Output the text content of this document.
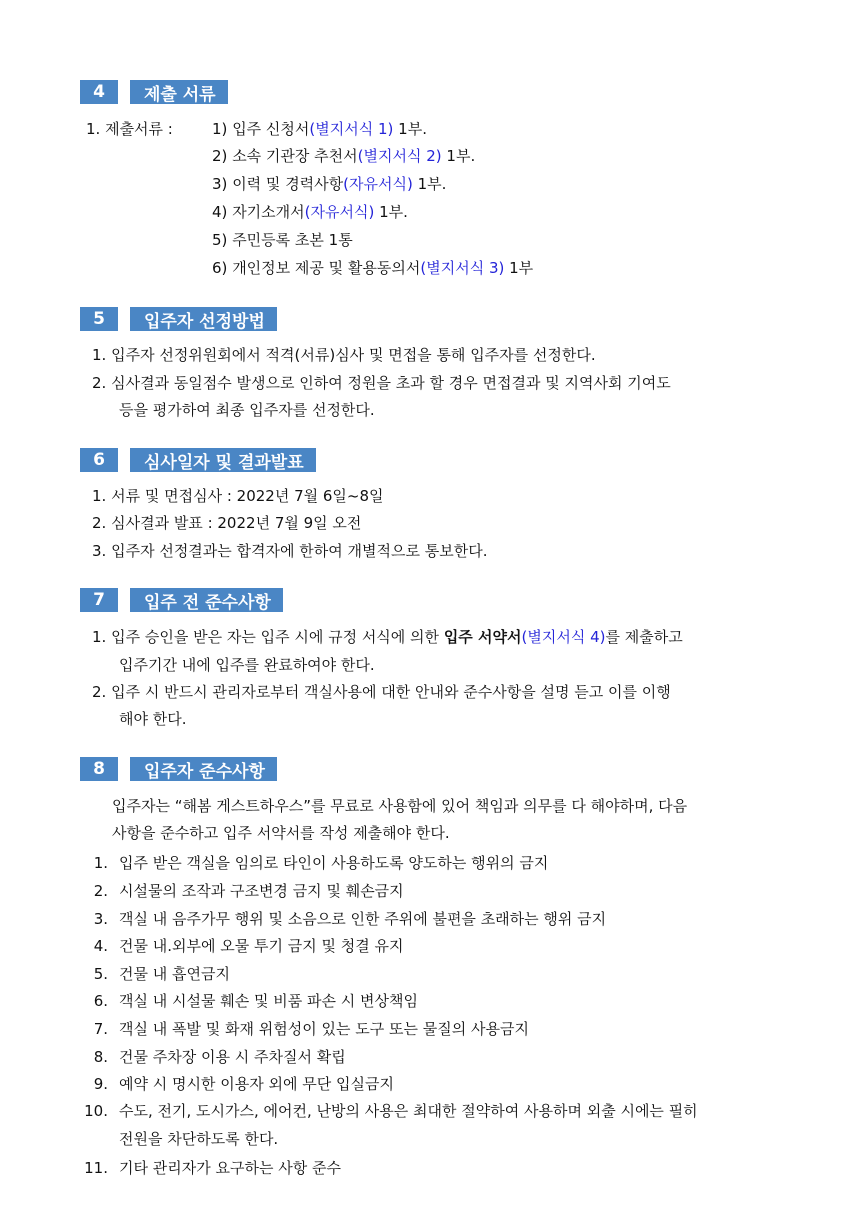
4	제출 서류
1. 제출서류 :	1) 입주 신청서(별지서식 1) 1부.
2) 소속 기관장 추천서(별지서식 2) 1부.
3) 이력 및 경력사항(자유서식) 1부.
4) 자기소개서(자유서식) 1부.
5) 주민등록 초본 1통
6) 개인정보 제공 및 활용동의서(별지서식 3) 1부
5	입주자 선정방법
1. 입주자 선정위원회에서 적격(서류)심사 및 면접을 통해 입주자를 선정한다.
2. 심사결과 동일점수 발생으로 인하여 정원을 초과 할 경우 면접결과 및 지역사회 기여도
등을 평가하여 최종 입주자를 선정한다.
6	심사일자 및 결과발표
1. 서류 및 면접심사 : 2022년 7월 6일~8일
2. 심사결과 발표 : 2022년 7월 9일 오전
3. 입주자 선정결과는 합격자에 한하여 개별적으로 통보한다.
7	입주 전 준수사항
1. 입주 승인을 받은 자는 입주 시에 규정 서식에 의한 입주 서약서(별지서식 4)를 제출하고
입주기간 내에 입주를 완료하여야 한다.
2. 입주 시 반드시 관리자로부터 객실사용에 대한 안내와 준수사항을 설명 듣고 이를 이행
해야 한다.
8	입주자 준수사항
입주자는 “해봄 게스트하우스”를 무료로 사용함에 있어 책임과 의무를 다 해야하며, 다음
사항을 준수하고 입주 서약서를 작성 제출해야 한다.
1. 입주 받은 객실을 임의로 타인이 사용하도록 양도하는 행위의 금지
2. 시설물의 조작과 구조변경 금지 및 훼손금지
3. 객실 내 음주가무 행위 및 소음으로 인한 주위에 불편을 초래하는 행위 금지
4. 건물 내.외부에 오물 투기 금지 및 청결 유지
5. 건물 내 흡연금지
6. 객실 내 시설물 훼손 및 비품 파손 시 변상책임
7. 객실 내 폭발 및 화재 위험성이 있는 도구 또는 물질의 사용금지
8. 건물 주차장 이용 시 주차질서 확립
9. 예약 시 명시한 이용자 외에 무단 입실금지
10. 수도, 전기, 도시가스, 에어컨, 난방의 사용은 최대한 절약하여 사용하며 외출 시에는 필히
전원을 차단하도록 한다.
11. 기타 관리자가 요구하는 사항 준수
